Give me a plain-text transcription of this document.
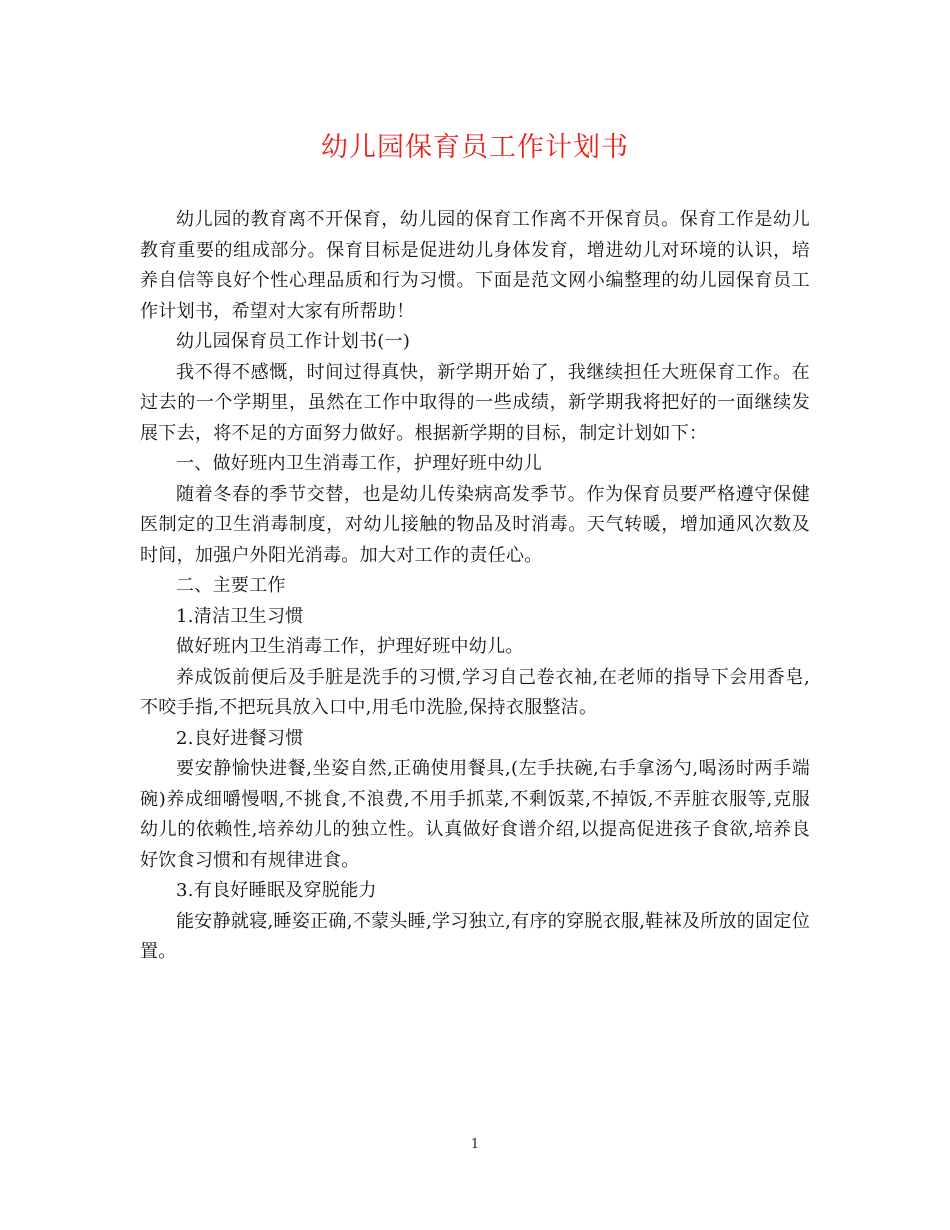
幼儿园保育员工作计划书

幼儿园的教育离不开保育，幼儿园的保育工作离不开保育员。保育工作是幼儿教育重要的组成部分。保育目标是促进幼儿身体发育，增进幼儿对环境的认识，培养自信等良好个性心理品质和行为习惯。下面是范文网小编整理的幼儿园保育员工作计划书，希望对大家有所帮助！

幼儿园保育员工作计划书(一)

我不得不感慨，时间过得真快，新学期开始了，我继续担任大班保育工作。在过去的一个学期里，虽然在工作中取得的一些成绩，新学期我将把好的一面继续发展下去，将不足的方面努力做好。根据新学期的目标，制定计划如下：

一、做好班内卫生消毒工作，护理好班中幼儿

随着冬春的季节交替，也是幼儿传染病高发季节。作为保育员要严格遵守保健医制定的卫生消毒制度，对幼儿接触的物品及时消毒。天气转暖，增加通风次数及时间，加强户外阳光消毒。加大对工作的责任心。

二、主要工作

1.清洁卫生习惯

做好班内卫生消毒工作，护理好班中幼儿。

养成饭前便后及手脏是洗手的习惯,学习自己卷衣袖,在老师的指导下会用香皂,不咬手指,不把玩具放入口中,用毛巾洗脸,保持衣服整洁。

2.良好进餐习惯

要安静愉快进餐,坐姿自然,正确使用餐具,(左手扶碗,右手拿汤勺,喝汤时两手端碗)养成细嚼慢咽,不挑食,不浪费,不用手抓菜,不剩饭菜,不掉饭,不弄脏衣服等,克服幼儿的依赖性,培养幼儿的独立性。认真做好食谱介绍,以提高促进孩子食欲,培养良好饮食习惯和有规律进食。

3.有良好睡眠及穿脱能力

能安静就寝,睡姿正确,不蒙头睡,学习独立,有序的穿脱衣服,鞋袜及所放的固定位置。

1
